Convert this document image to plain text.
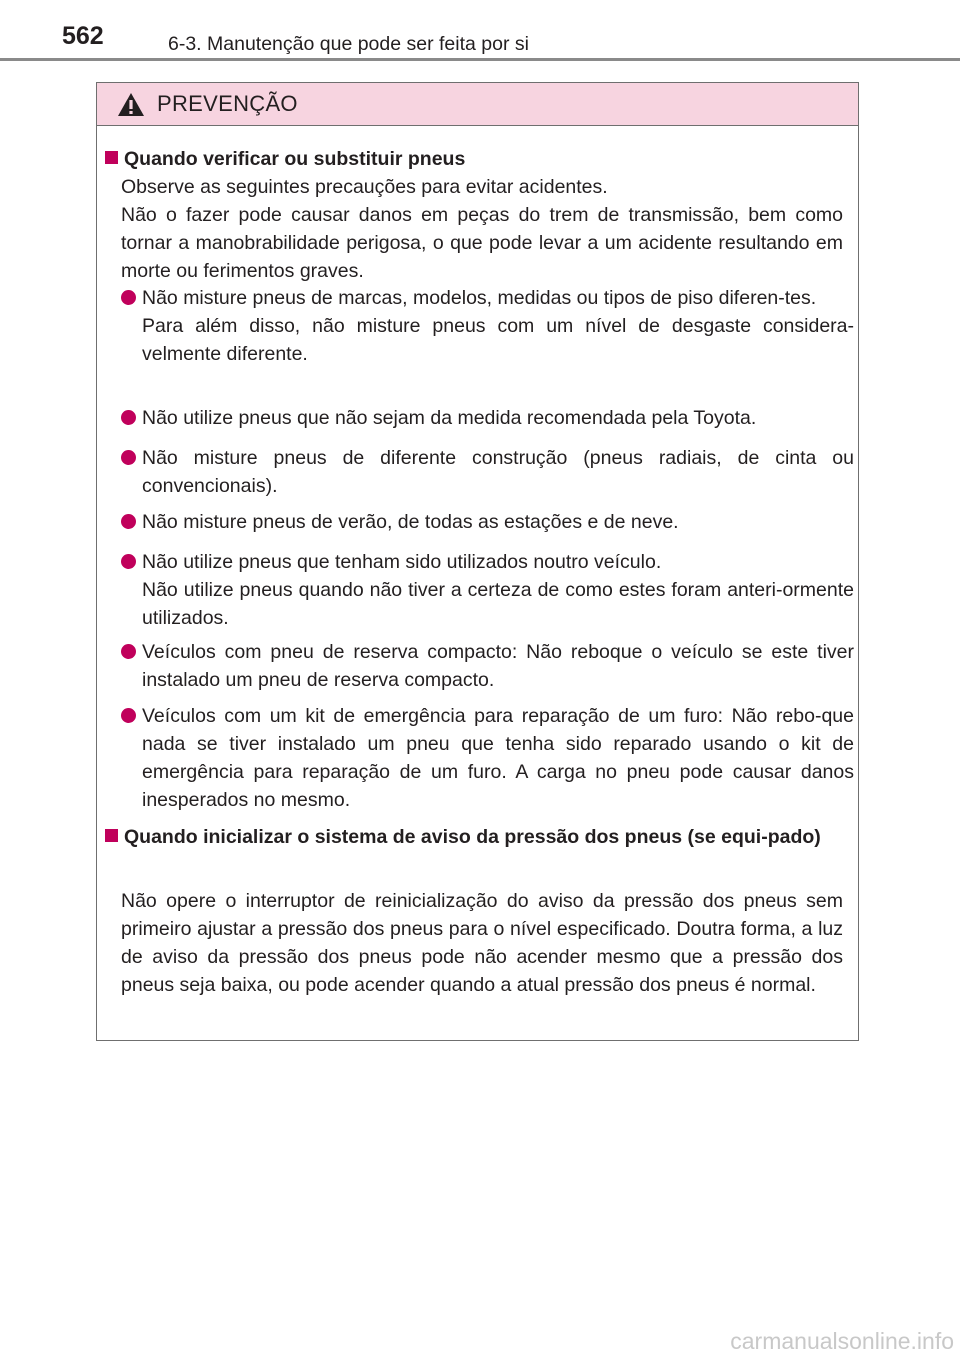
562	6-3. Manutenção que pode ser feita por si
PREVENÇÃO
Quando verificar ou substituir pneus
Observe as seguintes precauções para evitar acidentes.
Não o fazer pode causar danos em peças do trem de transmissão, bem como tornar a manobrabilidade perigosa, o que pode levar a um acidente resultando em morte ou ferimentos graves.
Não misture pneus de marcas, modelos, medidas ou tipos de piso diferen-tes.
Para além disso, não misture pneus com um nível de desgaste considera-velmente diferente.
Não utilize pneus que não sejam da medida recomendada pela Toyota.
Não misture pneus de diferente construção (pneus radiais, de cinta ou convencionais).
Não misture pneus de verão, de todas as estações e de neve.
Não utilize pneus que tenham sido utilizados noutro veículo.
Não utilize pneus quando não tiver a certeza de como estes foram anteri-ormente utilizados.
Veículos com pneu de reserva compacto: Não reboque o veículo se este tiver instalado um pneu de reserva compacto.
Veículos com um kit de emergência para reparação de um furo: Não rebo-que nada se tiver instalado um pneu que tenha sido reparado usando o kit de emergência para reparação de um furo. A carga no pneu pode causar danos inesperados no mesmo.
Quando inicializar o sistema de aviso da pressão dos pneus (se equi-pado)
Não opere o interruptor de reinicialização do aviso da pressão dos pneus sem primeiro ajustar a pressão dos pneus para o nível especificado. Doutra forma, a luz de aviso da pressão dos pneus pode não acender mesmo que a pressão dos pneus seja baixa, ou pode acender quando a atual pressão dos pneus é normal.
carmanualsonline.info
